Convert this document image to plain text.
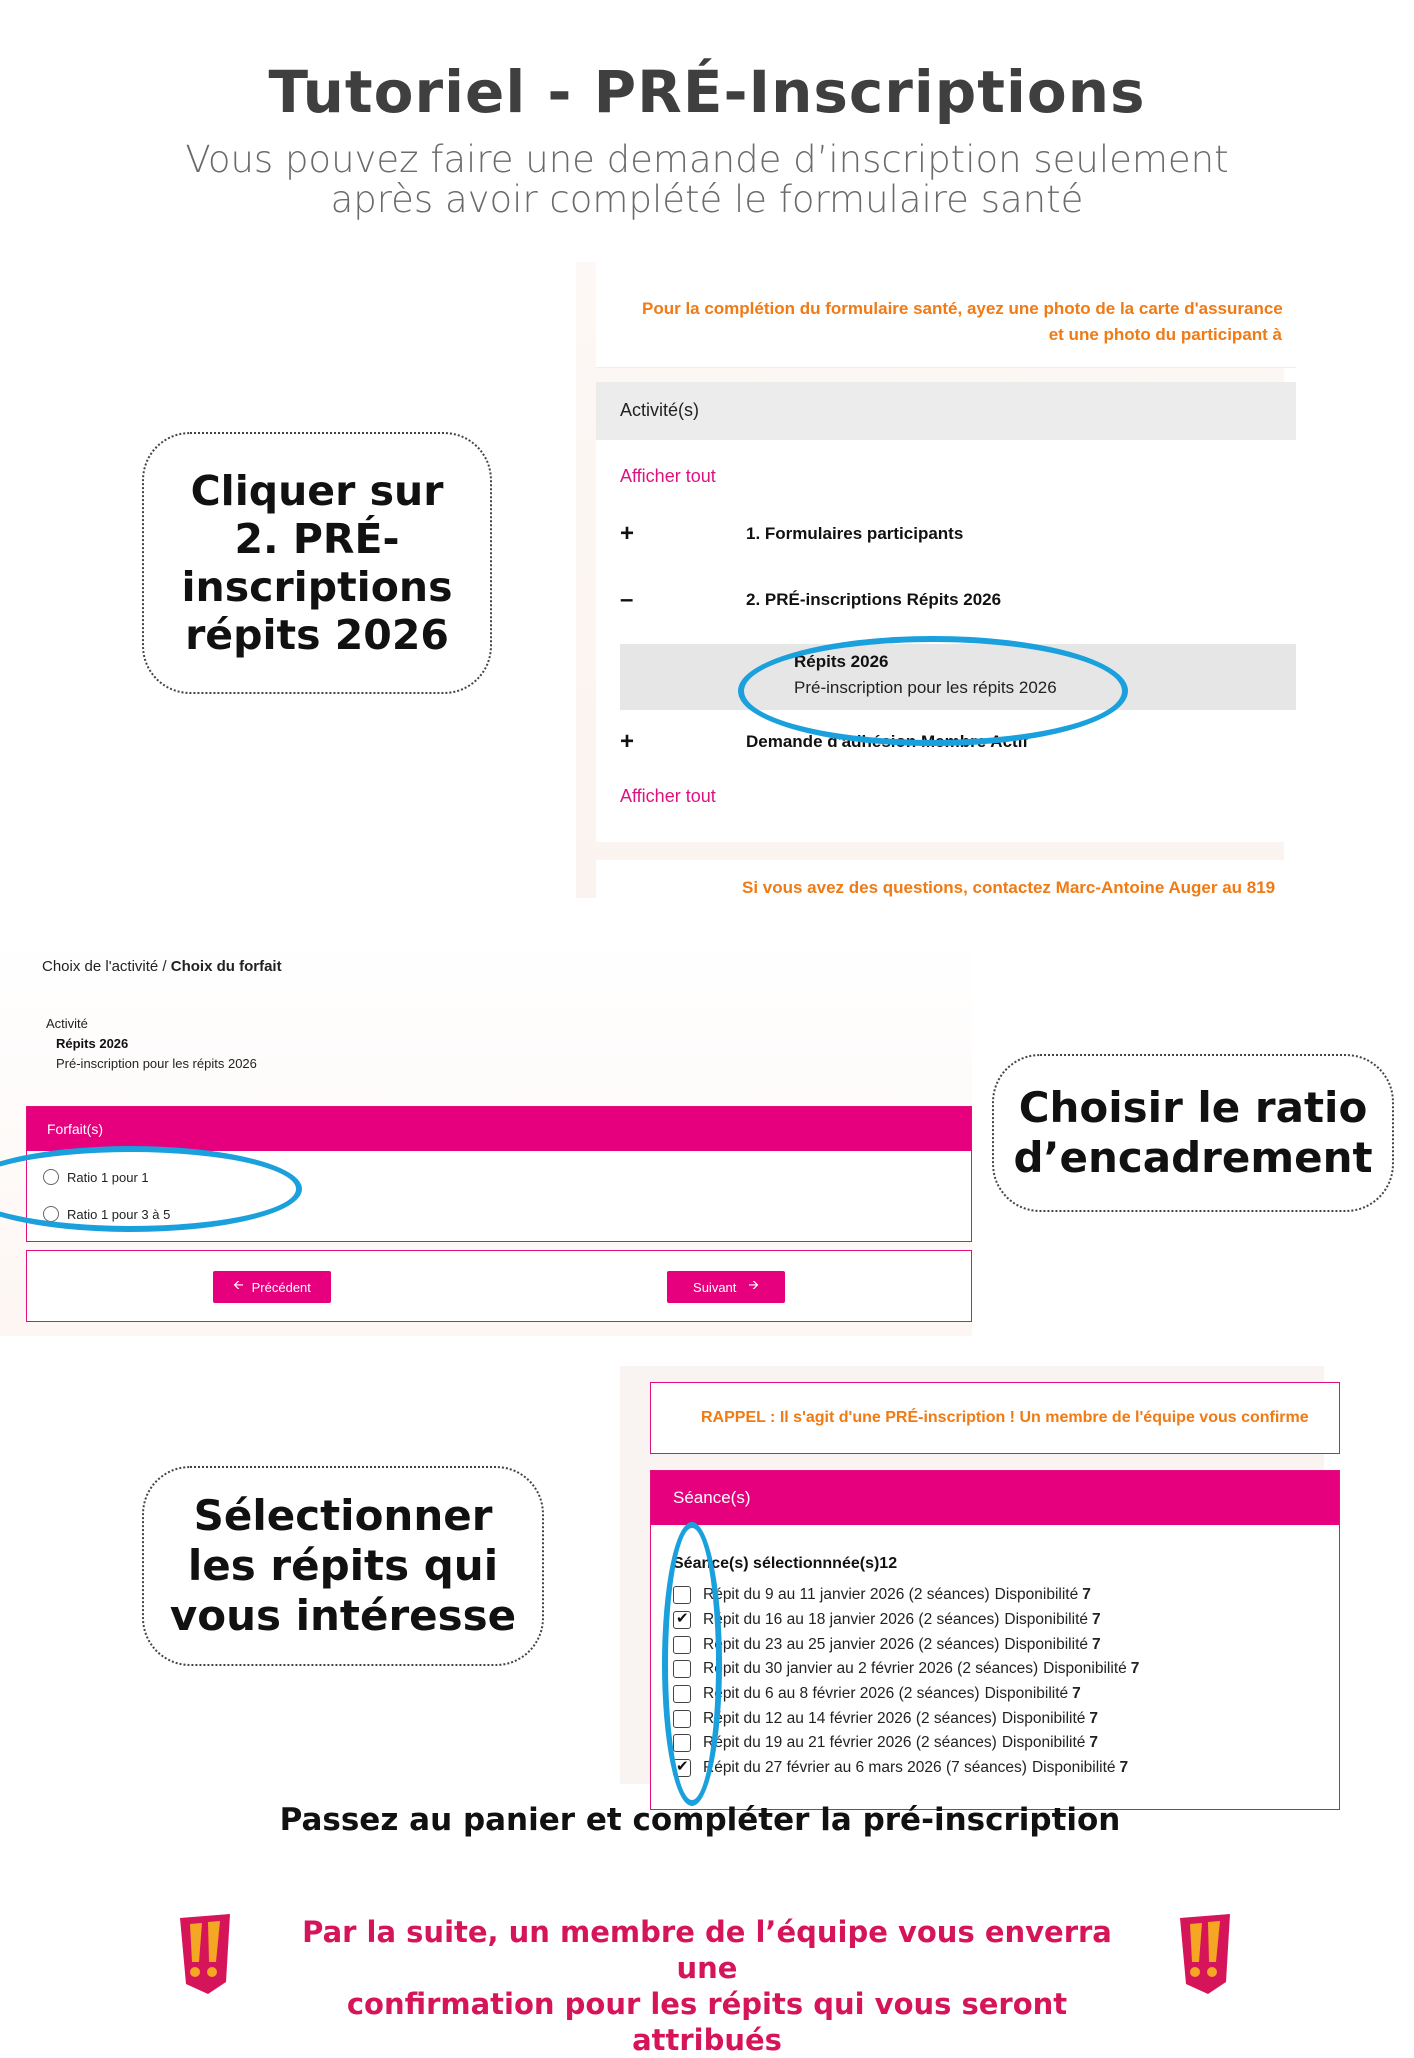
Tutoriel - PRÉ-Inscriptions
Vous pouvez faire une demande d’inscription seulement
après avoir complété le formulaire santé
Cliquer sur 2. PRÉ-inscriptions répits 2026
Pour la complétion du formulaire santé, ayez une photo de la carte d'assurance
et une photo du participant à
Activité(s)
Afficher tout
+	1. Formulaires participants
–	2. PRÉ-inscriptions Répits 2026
Répits 2026
Pré-inscription pour les répits 2026
+	Demande d'adhésion Membre Actif
Afficher tout
Si vous avez des questions, contactez Marc-Antoine Auger au 819
Choix de l'activité / Choix du forfait
Activité
Répits 2026
Pré-inscription pour les répits 2026
Forfait(s)
Ratio 1 pour 1
Ratio 1 pour 3 à 5
🡨 Précédent	Suivant 🡪
Choisir le ratio d’encadrement
Sélectionner les répits qui vous intéresse
RAPPEL : Il s'agit d'une PRÉ-inscription ! Un membre de l'équipe vous confirme
Séance(s)
Séance(s) sélectionnnée(s)12
Répit du 9 au 11 janvier 2026 (2 séances) Disponibilité 7
✔
Répit du 16 au 18 janvier 2026 (2 séances) Disponibilité 7
Répit du 23 au 25 janvier 2026 (2 séances) Disponibilité 7
Répit du 30 janvier au 2 février 2026 (2 séances) Disponibilité 7
Répit du 6 au 8 février 2026 (2 séances) Disponibilité 7
Répit du 12 au 14 février 2026 (2 séances) Disponibilité 7
Répit du 19 au 21 février 2026 (2 séances) Disponibilité 7
✔
Répit du 27 février au 6 mars 2026 (7 séances) Disponibilité 7
Passez au panier et compléter la pré-inscription
Par la suite, un membre de l’équipe vous enverra une
confirmation pour les répits qui vous seront attribués
